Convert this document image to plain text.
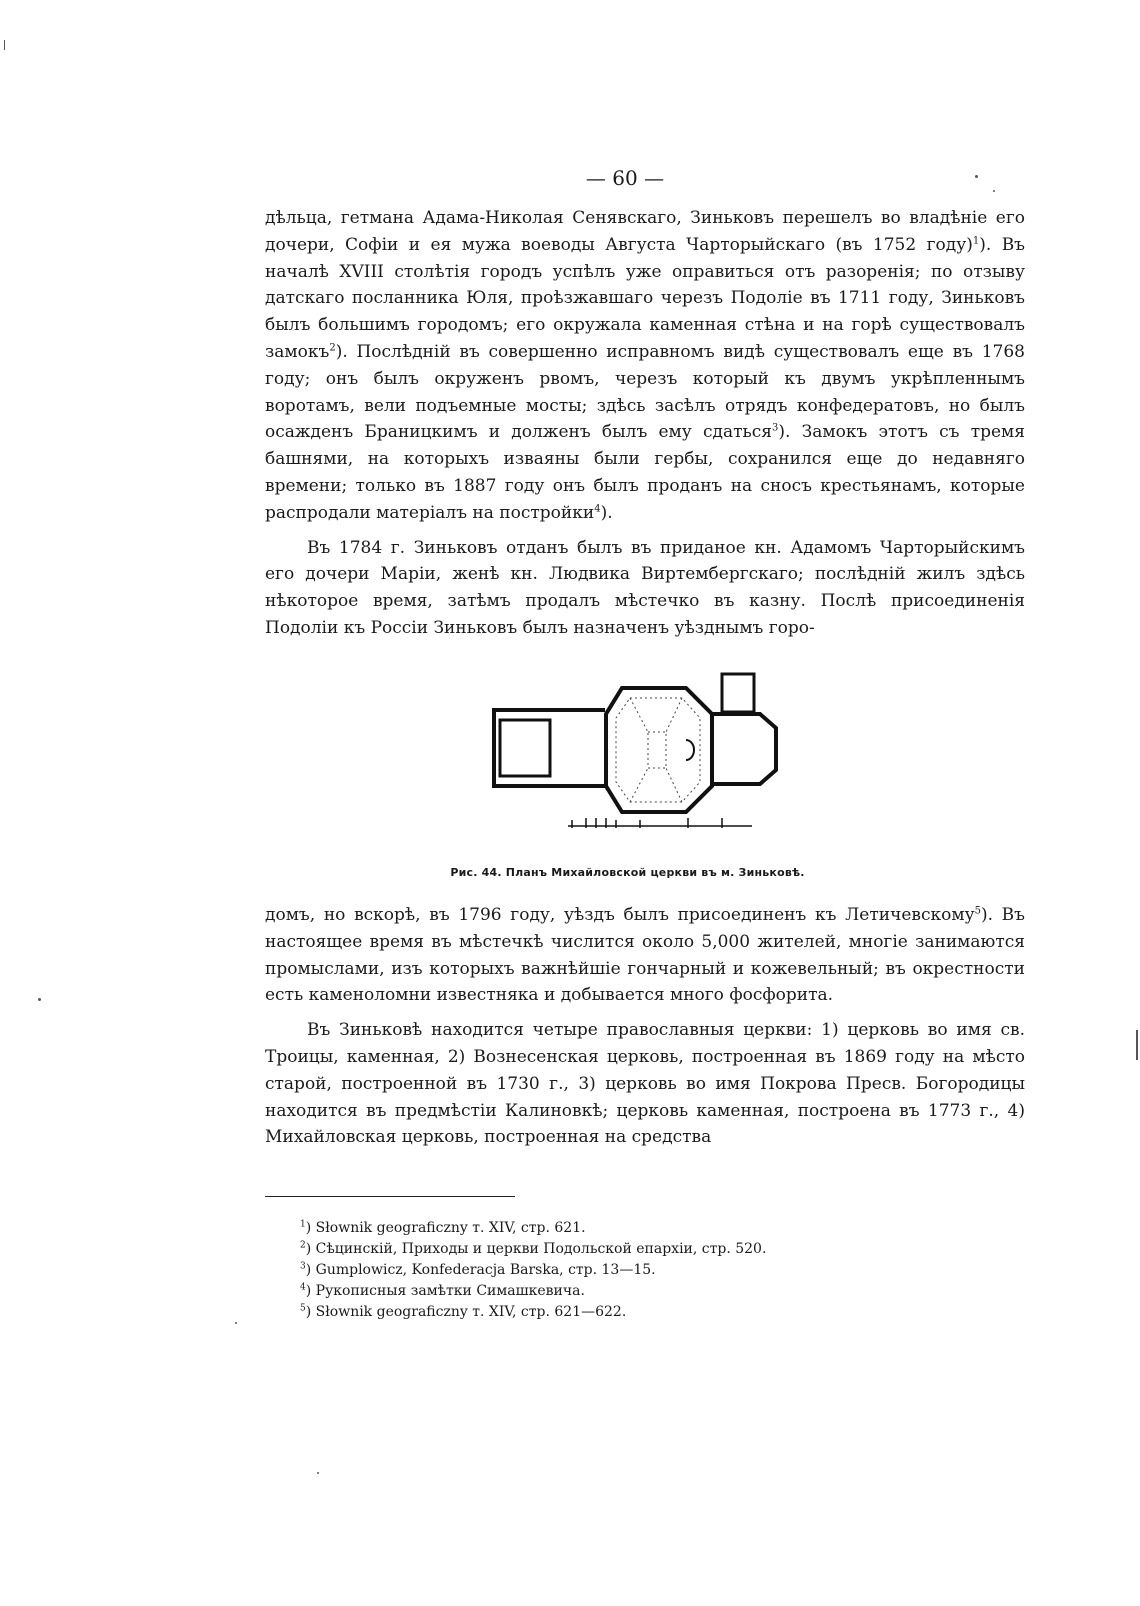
— 60 —

дѣльца, гетмана Адама-Николая Сенявскаго, Зиньковъ перешелъ во владѣніе его дочери, Софіи и ея мужа воеводы Августа Чарторыйскаго (въ 1752 году)$^1$). Въ началѣ XVIII столѣтія городъ успѣлъ уже оправиться отъ разоренія; по отзыву датскаго посланника Юля, проѣзжавшаго черезъ Подоліе въ 1711 году, Зиньковъ былъ большимъ городомъ; его окружала каменная стѣна и на горѣ существовалъ замокъ$^2$). Послѣдній въ совершенно исправномъ видѣ существовалъ еще въ 1768 году; онъ былъ окруженъ рвомъ, черезъ который къ двумъ укрѣпленнымъ воротамъ, вели подъемные мосты; здѣсь засѣлъ отрядъ конфедератовъ, но былъ осажденъ Браницкимъ и долженъ былъ ему сдаться$^3$). Замокъ этотъ съ тремя башнями, на которыхъ изваяны были гербы, сохранился еще до недавняго времени; только въ 1887 году онъ былъ проданъ на сносъ крестьянамъ, которые распродали матеріалъ на постройки$^4$).

Въ 1784 г. Зиньковъ отданъ былъ въ приданое кн. Адамомъ Чарторыйскимъ его дочери Маріи, женѣ кн. Людвика Виртембергскаго; послѣдній жилъ здѣсь нѣкоторое время, затѣмъ продалъ мѣстечко въ казну. Послѣ присоединенія Подоліи къ Россіи Зиньковъ былъ назначенъ уѣзднымъ горо-

Рис. 44. Планъ Михайловской церкви въ м. Зиньковѣ.

домъ, но вскорѣ, въ 1796 году, уѣздъ былъ присоединенъ къ Летичевскому$^5$). Въ настоящее время въ мѣстечкѣ числится около 5,000 жителей, многіе занимаются промыслами, изъ которыхъ важнѣйшіе гончарный и кожевельный; въ окрестности есть каменоломни известняка и добывается много фосфорита.

Въ Зиньковѣ находится четыре православныя церкви: 1) церковь во имя св. Троицы, каменная, 2) Вознесенская церковь, построенная въ 1869 году на мѣсто старой, построенной въ 1730 г., 3) церковь во имя Покрова Пресв. Богородицы находится въ предмѣстіи Калиновкѣ; церковь каменная, построена въ 1773 г., 4) Михайловская церковь, построенная на средства

$^1$) Słownik geograficzny т. XIV, стр. 621.
$^2$) Сѣцинскій, Приходы и церкви Подольской епархіи, стр. 520.
$^3$) Gumplowicz, Konfederacja Barska, стр. 13—15.
$^4$) Рукописныя замѣтки Симашкевича.
$^5$) Słownik geograficzny т. XIV, стр. 621—622.
